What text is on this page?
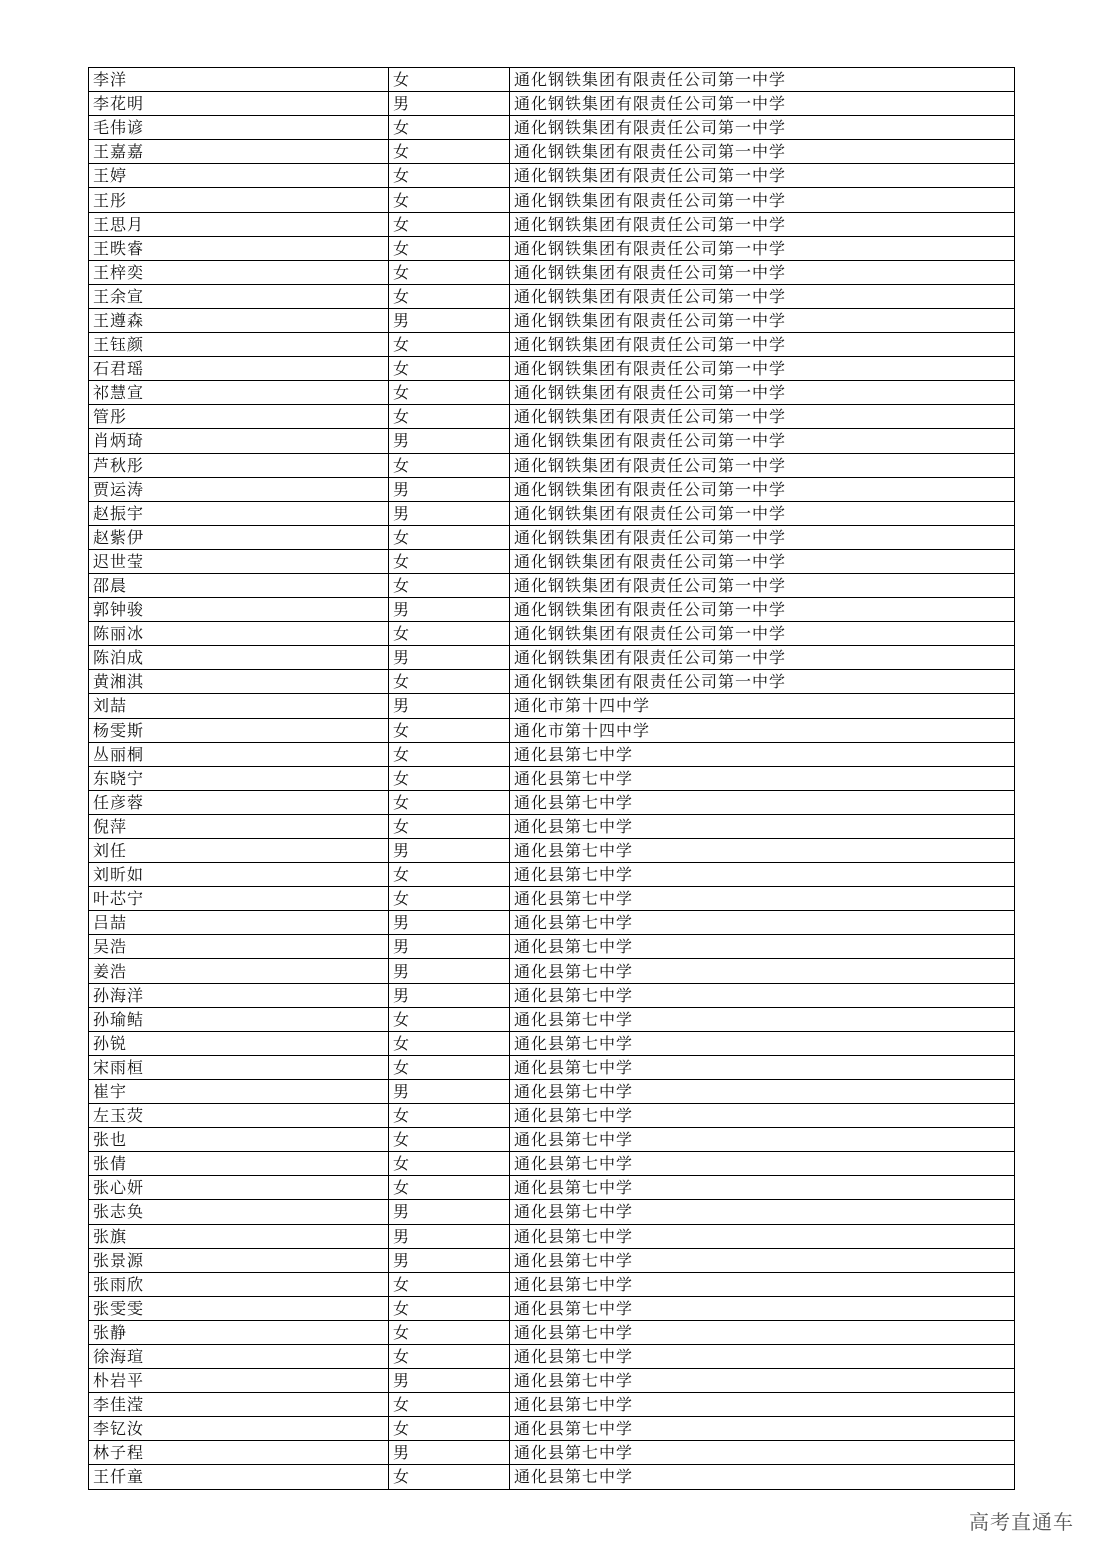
李洋	女	通化钢铁集团有限责任公司第一中学
李花明	男	通化钢铁集团有限责任公司第一中学
毛伟谚	女	通化钢铁集团有限责任公司第一中学
王嘉嘉	女	通化钢铁集团有限责任公司第一中学
王婷	女	通化钢铁集团有限责任公司第一中学
王彤	女	通化钢铁集团有限责任公司第一中学
王思月	女	通化钢铁集团有限责任公司第一中学
王昳睿	女	通化钢铁集团有限责任公司第一中学
王梓奕	女	通化钢铁集团有限责任公司第一中学
王余宣	女	通化钢铁集团有限责任公司第一中学
王遵森	男	通化钢铁集团有限责任公司第一中学
王钰颜	女	通化钢铁集团有限责任公司第一中学
石君瑶	女	通化钢铁集团有限责任公司第一中学
祁慧宣	女	通化钢铁集团有限责任公司第一中学
管彤	女	通化钢铁集团有限责任公司第一中学
肖炳琦	男	通化钢铁集团有限责任公司第一中学
芦秋彤	女	通化钢铁集团有限责任公司第一中学
贾运涛	男	通化钢铁集团有限责任公司第一中学
赵振宇	男	通化钢铁集团有限责任公司第一中学
赵紫伊	女	通化钢铁集团有限责任公司第一中学
迟世莹	女	通化钢铁集团有限责任公司第一中学
邵晨	女	通化钢铁集团有限责任公司第一中学
郭钟骏	男	通化钢铁集团有限责任公司第一中学
陈丽冰	女	通化钢铁集团有限责任公司第一中学
陈泊成	男	通化钢铁集团有限责任公司第一中学
黄湘淇	女	通化钢铁集团有限责任公司第一中学
刘喆	男	通化市第十四中学
杨雯斯	女	通化市第十四中学
丛丽桐	女	通化县第七中学
东晓宁	女	通化县第七中学
任彦蓉	女	通化县第七中学
倪萍	女	通化县第七中学
刘任	男	通化县第七中学
刘昕如	女	通化县第七中学
叶芯宁	女	通化县第七中学
吕喆	男	通化县第七中学
吴浩	男	通化县第七中学
姜浩	男	通化县第七中学
孙海洋	男	通化县第七中学
孙瑜鲒	女	通化县第七中学
孙锐	女	通化县第七中学
宋雨桓	女	通化县第七中学
崔宇	男	通化县第七中学
左玉荧	女	通化县第七中学
张也	女	通化县第七中学
张倩	女	通化县第七中学
张心妍	女	通化县第七中学
张志奂	男	通化县第七中学
张旗	男	通化县第七中学
张景源	男	通化县第七中学
张雨欣	女	通化县第七中学
张雯雯	女	通化县第七中学
张静	女	通化县第七中学
徐海瑄	女	通化县第七中学
朴岩平	男	通化县第七中学
李佳滢	女	通化县第七中学
李钇汝	女	通化县第七中学
林子程	男	通化县第七中学
王仟童	女	通化县第七中学
高考直通车
